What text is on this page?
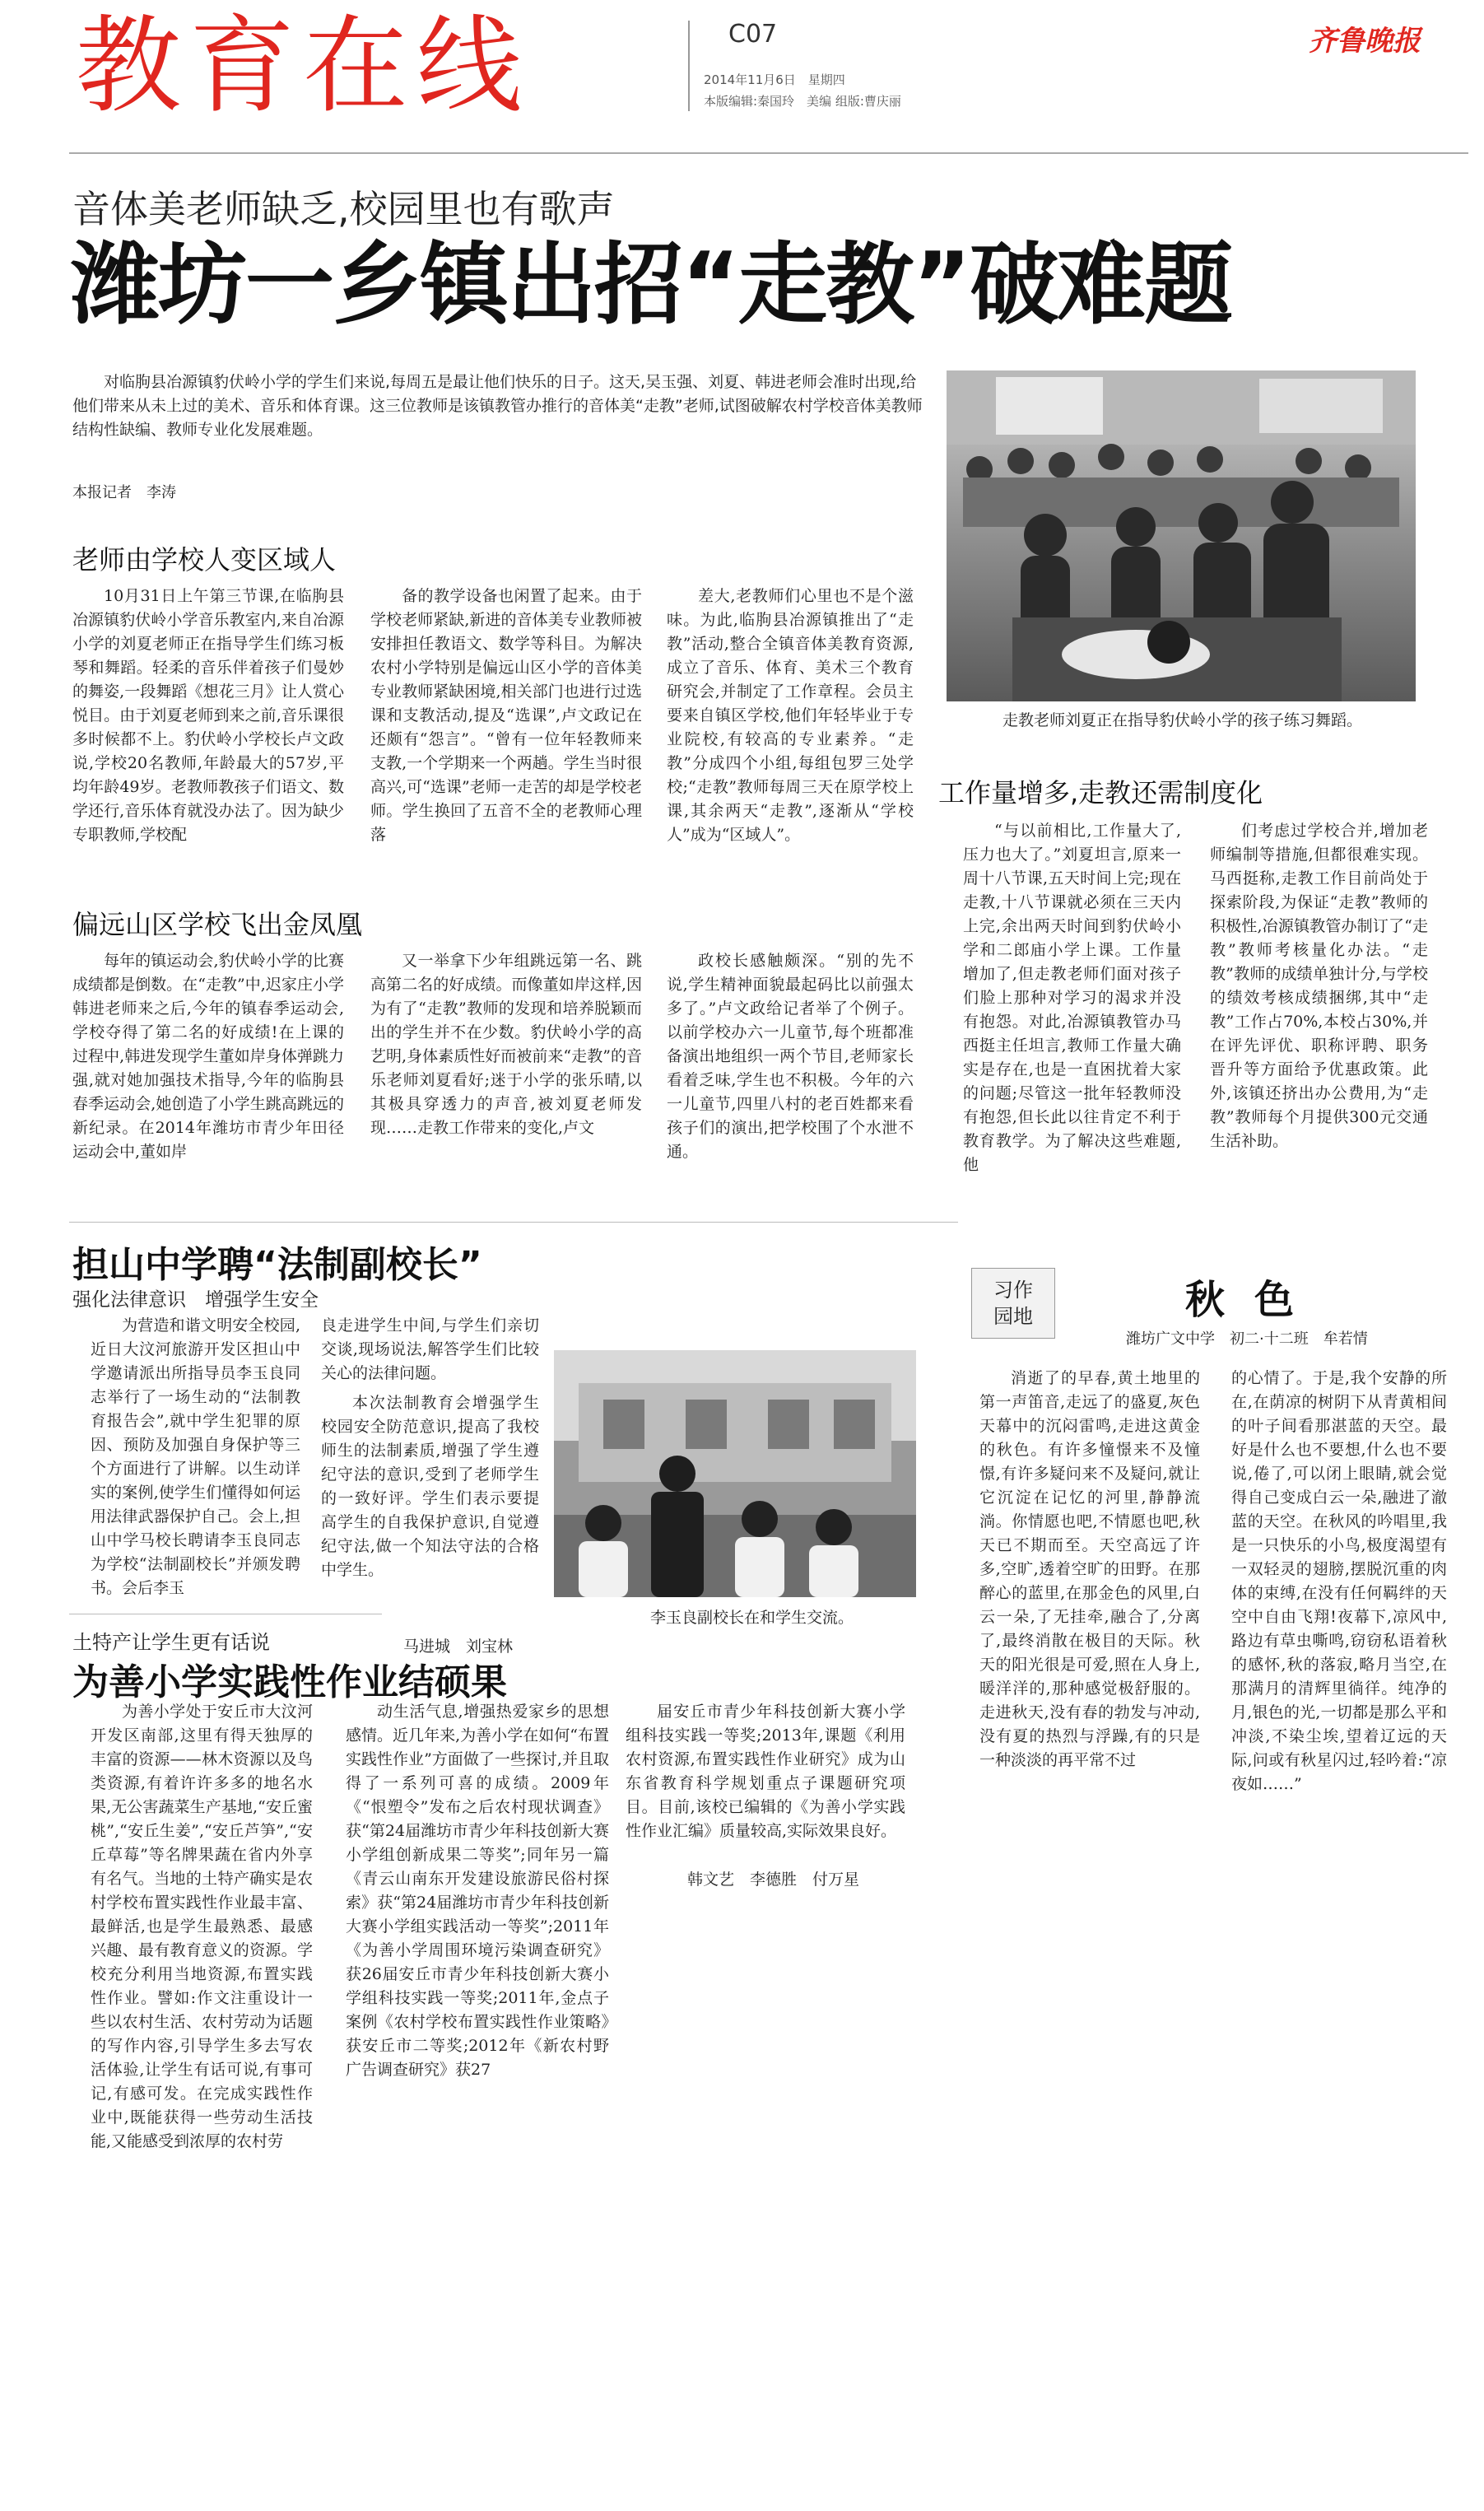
教育在线	C07
2014年11月6日　星期四
本版编辑:秦国玲　美编 组版:曹庆丽
齐鲁晚报
音体美老师缺乏,校园里也有歌声
潍坊一乡镇出招“走教”破难题
对临朐县冶源镇豹伏岭小学的学生们来说,每周五是最让他们快乐的日子。这天,吴玉强、刘夏、韩进老师会准时出现,给他们带来从未上过的美术、音乐和体育课。这三位教师是该镇教管办推行的音体美“走教”老师,试图破解农村学校音体美教师结构性缺编、教师专业化发展难题。
本报记者　李涛
走教老师刘夏正在指导豹伏岭小学的孩子练习舞蹈。
老师由学校人变区域人

10月31日上午第三节课,在临朐县冶源镇豹伏岭小学音乐教室内,来自冶源小学的刘夏老师正在指导学生们练习板琴和舞蹈。轻柔的音乐伴着孩子们曼妙的舞姿,一段舞蹈《想花三月》让人赏心悦目。由于刘夏老师到来之前,音乐课很多时候都不上。豹伏岭小学校长卢文政说,学校20名教师,年龄最大的57岁,平均年龄49岁。老教师教孩子们语文、数学还行,音乐体育就没办法了。因为缺少专职教师,学校配

备的教学设备也闲置了起来。由于学校老师紧缺,新进的音体美专业教师被安排担任教语文、数学等科目。为解决农村小学特别是偏远山区小学的音体美专业教师紧缺困境,相关部门也进行过选课和支教活动,提及“选课”,卢文政记在还颇有“怨言”。“曾有一位年轻教师来支教,一个学期来一个两趟。学生当时很高兴,可“选课”老师一走苦的却是学校老师。学生换回了五音不全的老教师心理落

差大,老教师们心里也不是个滋味。为此,临朐县冶源镇推出了“走教”活动,整合全镇音体美教育资源,成立了音乐、体育、美术三个教育研究会,并制定了工作章程。会员主要来自镇区学校,他们年轻毕业于专业院校,有较高的专业素养。“走教”分成四个小组,每组包罗三处学校;“走教”教师每周三天在原学校上课,其余两天“走教”,逐渐从“学校人”成为“区域人”。

偏远山区学校飞出金凤凰

每年的镇运动会,豹伏岭小学的比赛成绩都是倒数。在“走教”中,迟家庄小学韩进老师来之后,今年的镇春季运动会,学校夺得了第二名的好成绩!在上课的过程中,韩进发现学生董如岸身体弹跳力强,就对她加强技术指导,今年的临朐县春季运动会,她创造了小学生跳高跳远的新纪录。在2014年潍坊市青少年田径运动会中,董如岸

又一举拿下少年组跳远第一名、跳高第二名的好成绩。而像董如岸这样,因为有了“走教”教师的发现和培养脱颖而出的学生并不在少数。豹伏岭小学的高艺明,身体素质性好而被前来“走教”的音乐老师刘夏看好;迷于小学的张乐晴,以其极具穿透力的声音,被刘夏老师发现……走教工作带来的变化,卢文

政校长感触颇深。“别的先不说,学生精神面貌最起码比以前强太多了。”卢文政给记者举了个例子。以前学校办六一儿童节,每个班都准备演出地组织一两个节目,老师家长看着乏味,学生也不积极。今年的六一儿童节,四里八村的老百姓都来看孩子们的演出,把学校围了个水泄不通。

工作量增多,走教还需制度化

“与以前相比,工作量大了,压力也大了。”刘夏坦言,原来一周十八节课,五天时间上完;现在走教,十八节课就必须在三天内上完,余出两天时间到豹伏岭小学和二郎庙小学上课。工作量增加了,但走教老师们面对孩子们脸上那种对学习的渴求并没有抱怨。对此,冶源镇教管办马西挺主任坦言,教师工作量大确实是存在,也是一直困扰着大家的问题;尽管这一批年轻教师没有抱怨,但长此以往肯定不利于教育教学。为了解决这些难题,他

们考虑过学校合并,增加老师编制等措施,但都很难实现。马西挺称,走教工作目前尚处于探索阶段,为保证“走教”教师的积极性,冶源镇教管办制订了“走教”教师考核量化办法。“走教”教师的成绩单独计分,与学校的绩效考核成绩捆绑,其中“走教”工作占70%,本校占30%,并在评先评优、职称评聘、职务晋升等方面给予优惠政策。此外,该镇还挤出办公费用,为“走教”教师每个月提供300元交通生活补助。

担山中学聘“法制副校长”
强化法律意识　增强学生安全

为营造和谐文明安全校园,近日大汶河旅游开发区担山中学邀请派出所指导员李玉良同志举行了一场生动的“法制教育报告会”,就中学生犯罪的原因、预防及加强自身保护等三个方面进行了讲解。以生动详实的案例,使学生们懂得如何运用法律武器保护自己。会上,担山中学马校长聘请李玉良同志为学校“法制副校长”并颁发聘书。会后李玉

良走进学生中间,与学生们亲切交谈,现场说法,解答学生们比较关心的法律问题。

本次法制教育会增强学生校园安全防范意识,提高了我校师生的法制素质,增强了学生遵纪守法的意识,受到了老师学生的一致好评。学生们表示要提高学生的自我保护意识,自觉遵纪守法,做一个知法守法的合格中学生。

李玉良副校长在和学生交流。
马进城　刘宝林
土特产让学生更有话说
为善小学实践性作业结硕果

为善小学处于安丘市大汶河开发区南部,这里有得天独厚的丰富的资源——林木资源以及鸟类资源,有着许许多多的地名水果,无公害蔬菜生产基地,“安丘蜜桃”,“安丘生姜”,“安丘芦笋”,“安丘草莓”等名牌果蔬在省内外享有名气。当地的土特产确实是农村学校布置实践性作业最丰富、最鲜活,也是学生最熟悉、最感兴趣、最有教育意义的资源。学校充分利用当地资源,布置实践性作业。譬如:作文注重设计一些以农村生活、农村劳动为话题的写作内容,引导学生多去写农活体验,让学生有话可说,有事可记,有感可发。在完成实践性作业中,既能获得一些劳动生活技能,又能感受到浓厚的农村劳

动生活气息,增强热爱家乡的思想感情。近几年来,为善小学在如何“布置实践性作业”方面做了一些探讨,并且取得了一系列可喜的成绩。2009年《“恨塑令”发布之后农村现状调查》获“第24届潍坊市青少年科技创新大赛小学组创新成果二等奖”;同年另一篇《青云山南东开发建设旅游民俗村探索》获“第24届潍坊市青少年科技创新大赛小学组实践活动一等奖”;2011年《为善小学周围环境污染调查研究》获26届安丘市青少年科技创新大赛小学组科技实践一等奖;2011年,金点子案例《农村学校布置实践性作业策略》获安丘市二等奖;2012年《新农村野广告调查研究》获27

届安丘市青少年科技创新大赛小学组科技实践一等奖;2013年,课题《利用农村资源,布置实践性作业研究》成为山东省教育科学规划重点子课题研究项目。目前,该校已编辑的《为善小学实践性作业汇编》质量较高,实际效果良好。

韩文艺　李德胜　付万星
习作
园地	秋色
潍坊广文中学　初二·十二班　牟若情

消逝了的早春,黄土地里的第一声笛音,走远了的盛夏,灰色天幕中的沉闷雷鸣,走进这黄金的秋色。有许多憧憬来不及憧憬,有许多疑问来不及疑问,就让它沉淀在记忆的河里,静静流淌。你情愿也吧,不情愿也吧,秋天已不期而至。天空高远了许多,空旷,透着空旷的田野。在那醉心的蓝里,在那金色的风里,白云一朵,了无挂牵,融合了,分离了,最终消散在极目的天际。秋天的阳光很是可爱,照在人身上,暖洋洋的,那种感觉极舒服的。走进秋天,没有春的勃发与冲动,没有夏的热烈与浮躁,有的只是一种淡淡的再平常不过

的心情了。于是,我个安静的所在,在荫凉的树阴下从青黄相间的叶子间看那湛蓝的天空。最好是什么也不要想,什么也不要说,倦了,可以闭上眼睛,就会觉得自己变成白云一朵,融进了澈蓝的天空。在秋风的吟唱里,我是一只快乐的小鸟,极度渴望有一双轻灵的翅膀,摆脱沉重的肉体的束缚,在没有任何羁绊的天空中自由飞翔!夜幕下,凉风中,路边有草虫嘶鸣,窃窃私语着秋的感怀,秋的落寂,略月当空,在那满月的清辉里徜徉。纯净的月,银色的光,一切都是那么平和冲淡,不染尘埃,望着辽远的天际,问或有秋星闪过,轻吟着:“凉夜如……”
